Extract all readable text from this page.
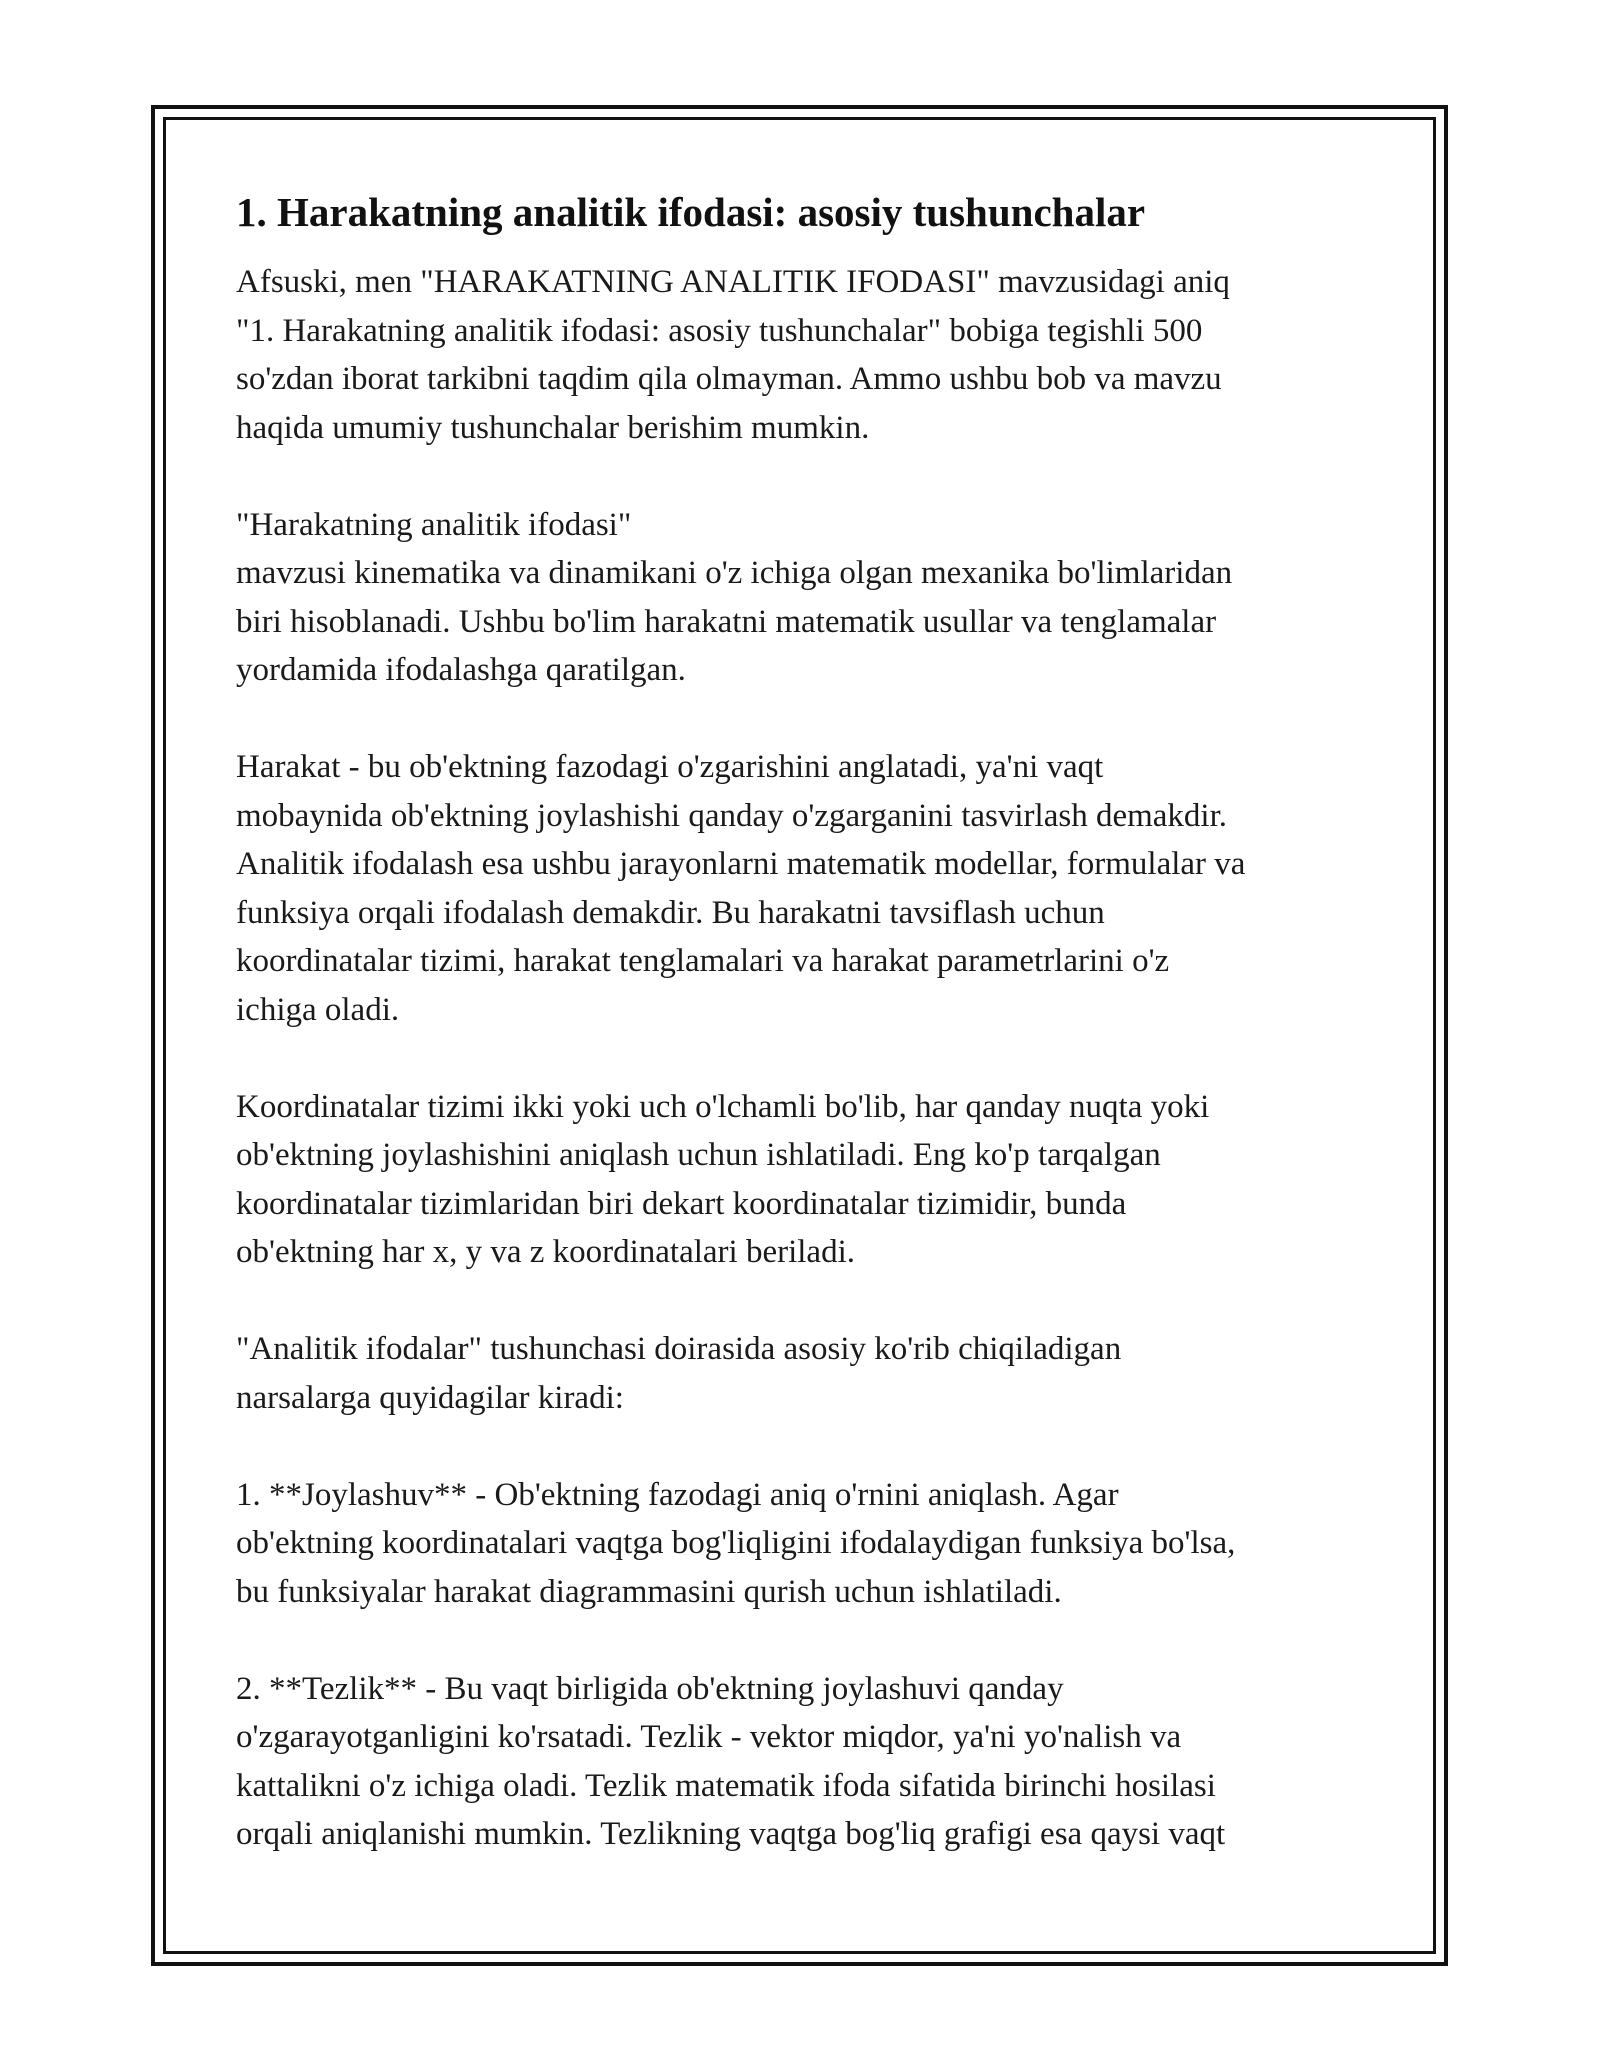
1. Harakatning analitik ifodasi: asosiy tushunchalar

Afsuski, men "HARAKATNING ANALITIK IFODASI" mavzusidagi aniq
"1. Harakatning analitik ifodasi: asosiy tushunchalar" bobiga tegishli 500
so'zdan iborat tarkibni taqdim qila olmayman. Ammo ushbu bob va mavzu
haqida umumiy tushunchalar berishim mumkin.

"Harakatning analitik ifodasi"
mavzusi kinematika va dinamikani o'z ichiga olgan mexanika bo'limlaridan
biri hisoblanadi. Ushbu bo'lim harakatni matematik usullar va tenglamalar
yordamida ifodalashga qaratilgan.

Harakat - bu ob'ektning fazodagi o'zgarishini anglatadi, ya'ni vaqt
mobaynida ob'ektning joylashishi qanday o'zgarganini tasvirlash demakdir.
Analitik ifodalash esa ushbu jarayonlarni matematik modellar, formulalar va
funksiya orqali ifodalash demakdir. Bu harakatni tavsiflash uchun
koordinatalar tizimi, harakat tenglamalari va harakat parametrlarini o'z
ichiga oladi.

Koordinatalar tizimi ikki yoki uch o'lchamli bo'lib, har qanday nuqta yoki
ob'ektning joylashishini aniqlash uchun ishlatiladi. Eng ko'p tarqalgan
koordinatalar tizimlaridan biri dekart koordinatalar tizimidir, bunda
ob'ektning har x, y va z koordinatalari beriladi.

"Analitik ifodalar" tushunchasi doirasida asosiy ko'rib chiqiladigan
narsalarga quyidagilar kiradi:

1. **Joylashuv** - Ob'ektning fazodagi aniq o'rnini aniqlash. Agar
ob'ektning koordinatalari vaqtga bog'liqligini ifodalaydigan funksiya bo'lsa,
bu funksiyalar harakat diagrammasini qurish uchun ishlatiladi.

2. **Tezlik** - Bu vaqt birligida ob'ektning joylashuvi qanday
o'zgarayotganligini ko'rsatadi. Tezlik - vektor miqdor, ya'ni yo'nalish va
kattalikni o'z ichiga oladi. Tezlik matematik ifoda sifatida birinchi hosilasi
orqali aniqlanishi mumkin. Tezlikning vaqtga bog'liq grafigi esa qaysi vaqt
